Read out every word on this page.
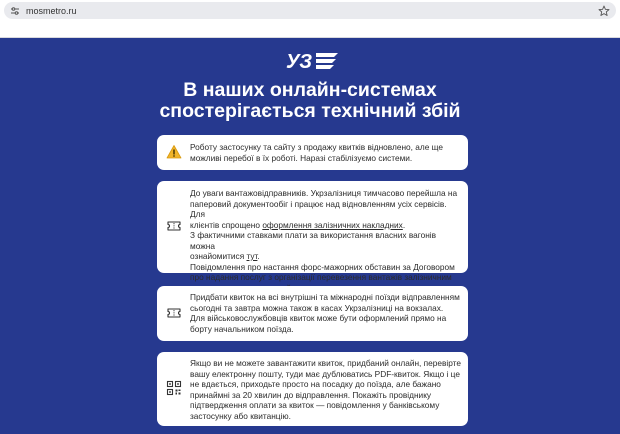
mosmetro.ru
УЗ
В наших онлайн-системах
спостерігається технічний збій
Роботу застосунку та сайту з продажу квитків відновлено, але ще
можливі перебої в їх роботі. Наразі стабілізуємо системи.
До уваги вантажовідправників. Укрзалізниця тимчасово перейшла на
паперовий документообіг і працює над відновленням усіх сервісів. Для
клієнтів спрощено оформлення залізничних накладних.
З фактичними ставками плати за використання власних вагонів можна
ознайомитися тут.
Повідомлення про настання форс-мажорних обставин за Договором
про надання послуг з організації перевезення вантажів залізничним
Придбати квиток на всі внутрішні та міжнародні поїзди відправленням
сьогодні та завтра можна також в касах Укрзалізниці на вокзалах.
Для військовослужбовців квиток може бути оформлений прямо на
борту начальником поїзда.
Якщо ви не можете завантажити квиток, придбаний онлайн, перевірте
вашу електронну пошту, туди має дублюватись PDF-квиток. Якщо і це
не вдається, приходьте просто на посадку до поїзда, але бажано
принаймні за 20 хвилин до відправлення. Покажіть провіднику
підтвердження оплати за квиток — повідомлення у банківському
застосунку або квитанцію.
